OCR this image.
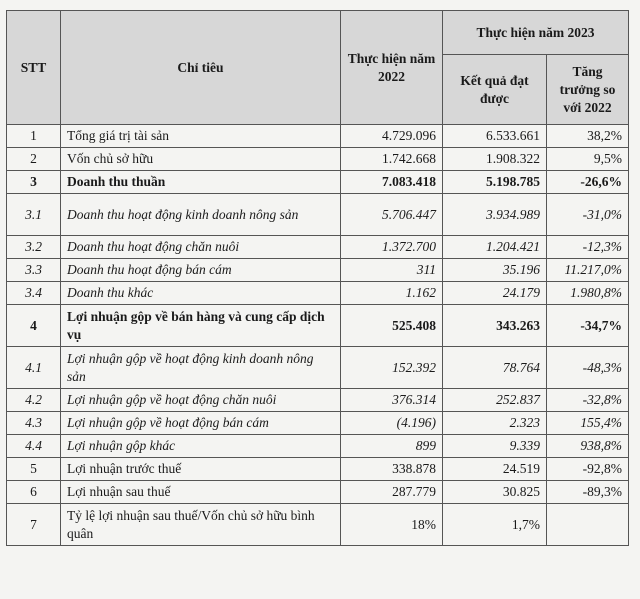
STT	Chỉ tiêu	Thực hiện năm 2022	Thực hiện năm 2023	
			Kết quả đạt được	Tăng trưởng so với 2022
1	Tổng giá trị tài sản	4.729.096	6.533.661	38,2%
2	Vốn chủ sở hữu	1.742.668	1.908.322	9,5%
3	Doanh thu thuần	7.083.418	5.198.785	-26,6%
3.1	Doanh thu hoạt động kinh doanh nông sản	5.706.447	3.934.989	-31,0%
3.2	Doanh thu hoạt động chăn nuôi	1.372.700	1.204.421	-12,3%
3.3	Doanh thu hoạt động bán cám	311	35.196	11.217,0%
3.4	Doanh thu khác	1.162	24.179	1.980,8%
4	Lợi nhuận gộp về bán hàng và cung cấp dịch vụ	525.408	343.263	-34,7%
4.1	Lợi nhuận gộp về hoạt động kinh doanh nông sản	152.392	78.764	-48,3%
4.2	Lợi nhuận gộp về hoạt động chăn nuôi	376.314	252.837	-32,8%
4.3	Lợi nhuận gộp về hoạt động bán cám	(4.196)	2.323	155,4%
4.4	Lợi nhuận gộp khác	899	9.339	938,8%
5	Lợi nhuận trước thuế	338.878	24.519	-92,8%
6	Lợi nhuận sau thuế	287.779	30.825	-89,3%
7	Tỷ lệ lợi nhuận sau thuế/Vốn chủ sở hữu bình quân	18%	1,7%	
